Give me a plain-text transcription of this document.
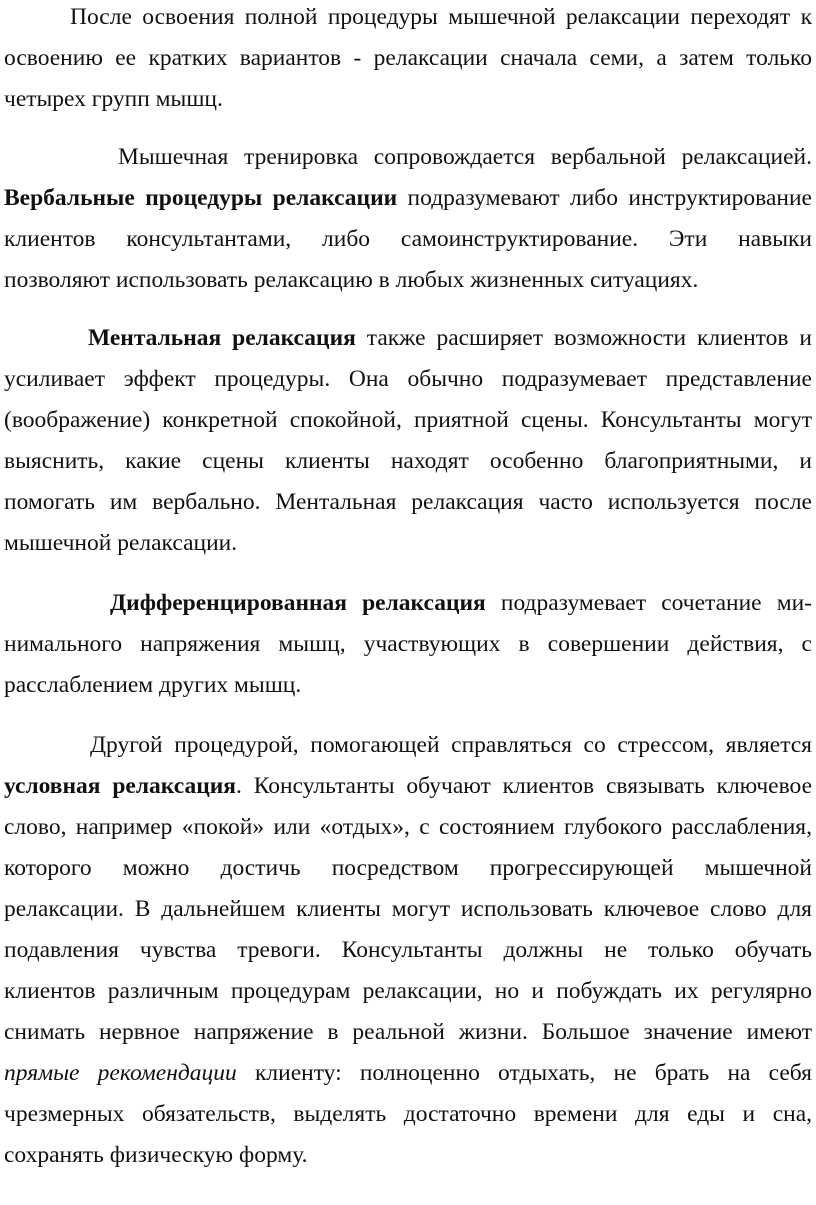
После освоения полной процедуры мышечной релаксации переходят к
освоению ее кратких вариантов - релаксации сначала семи, а затем только
четырех групп мышц.
Мышечная тренировка сопровождается вербальной релаксацией.
Вербальные процедуры релаксации подразумевают либо инструктирование
клиентов консультантами, либо самоинструктирование. Эти навыки
позволяют использовать релаксацию в любых жизненных ситуациях.
Ментальная релаксация также расширяет возможности клиентов и
усиливает эффект процедуры. Она обычно подразумевает представление
(воображение) конкретной спокойной, приятной сцены. Консультанты могут
выяснить, какие сцены клиенты находят особенно благоприятными, и
помогать им вербально. Ментальная релаксация часто используется после
мышечной релаксации.
Дифференцированная релаксация подразумевает сочетание ми-
нимального напряжения мышц, участвующих в совершении действия, с
расслаблением других мышц.
Другой процедурой, помогающей справляться со стрессом, является
условная релаксация. Консультанты обучают клиентов связывать ключевое
слово, например «покой» или «отдых», с состоянием глубокого расслабления,
которого можно достичь посредством прогрессирующей мышечной
релаксации. В дальнейшем клиенты могут использовать ключевое слово для
подавления чувства тревоги. Консультанты должны не только обучать
клиентов различным процедурам релаксации, но и побуждать их регулярно
снимать нервное напряжение в реальной жизни. Большое значение имеют
прямые рекомендации клиенту: полноценно отдыхать, не брать на себя
чрезмерных обязательств, выделять достаточно времени для еды и сна,
сохранять физическую форму.
